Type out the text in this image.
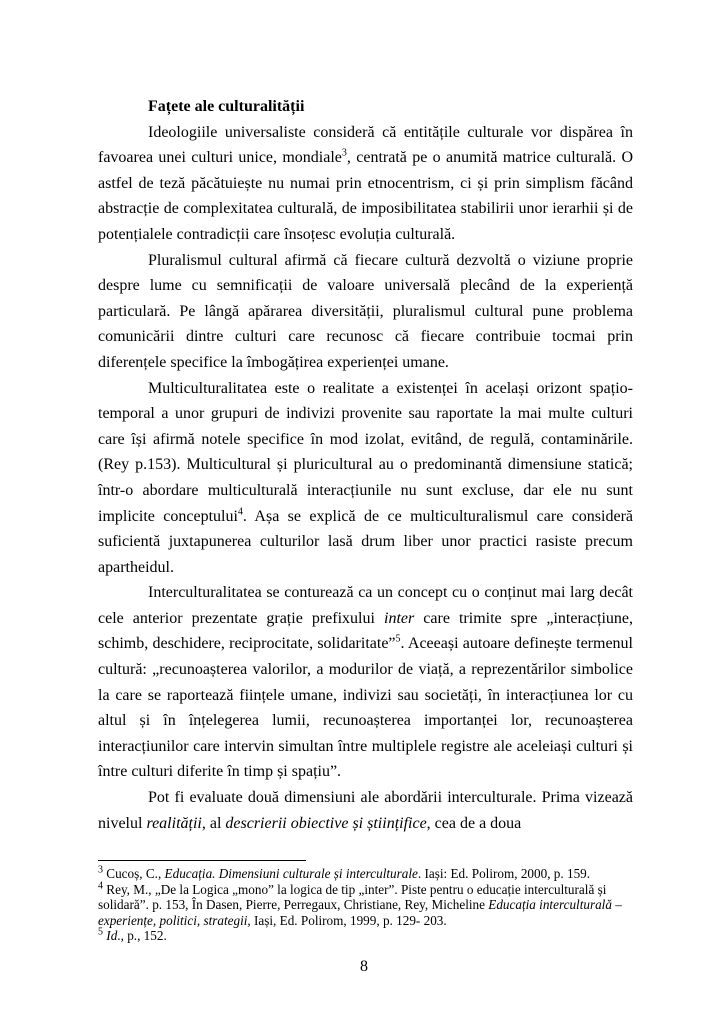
Fațete ale culturalității

Ideologiile universaliste consideră că entitățile culturale vor dispărea în favoarea unei culturi unice, mondiale$^3$, centrată pe o anumită matrice culturală. O astfel de teză păcătuiește nu numai prin etnocentrism, ci și prin simplism făcând abstracție de complexitatea culturală, de imposibilitatea stabilirii unor ierarhii și de potențialele contradicții care însoțesc evoluția culturală.

Pluralismul cultural afirmă că fiecare cultură dezvoltă o viziune proprie despre lume cu semnificații de valoare universală plecând de la experiență particulară. Pe lângă apărarea diversității, pluralismul cultural pune problema comunicării dintre culturi care recunosc că fiecare contribuie tocmai prin diferențele specifice la îmbogățirea experienței umane.

Multiculturalitatea este o realitate a existenței în același orizont spațio-temporal a unor grupuri de indivizi provenite sau raportate la mai multe culturi care își afirmă notele specifice în mod izolat, evitând, de regulă, contaminările. (Rey p.153). Multicultural și pluricultural au o predominantă dimensiune statică; într-o abordare multiculturală interacțiunile nu sunt excluse, dar ele nu sunt implicite conceptului$^4$. Așa se explică de ce multiculturalismul care consideră suficientă juxtapunerea culturilor lasă drum liber unor practici rasiste precum apartheidul.

Interculturalitatea se conturează ca un concept cu o conținut mai larg decât cele anterior prezentate grație prefixului inter care trimite spre „interacțiune, schimb, deschidere, reciprocitate, solidaritate”$^5$. Aceeași autoare definește termenul cultură: „recunoașterea valorilor, a modurilor de viață, a reprezentărilor simbolice la care se raportează ființele umane, indivizi sau societăți, în interacțiunea lor cu altul și în înțelegerea lumii, recunoașterea importanței lor, recunoașterea interacțiunilor care intervin simultan între multiplele registre ale aceleiași culturi și între culturi diferite în timp și spațiu”.

Pot fi evaluate două dimensiuni ale abordării interculturale. Prima vizează nivelul realității, al descrierii obiective și științifice, cea de a doua

$^3$ Cucoș, C., Educația. Dimensiuni culturale și interculturale. Iași: Ed. Polirom, 2000, p. 159.

$^4$ Rey, M., „De la Logica „mono” la logica de tip „inter”. Piste pentru o educație interculturală și solidară”. p. 153, În Dasen, Pierre, Perregaux, Christiane, Rey, Micheline Educația interculturală – experiențe, politici, strategii, Iași, Ed. Polirom, 1999, p. 129- 203.

$^5$ Id., p., 152.

8
